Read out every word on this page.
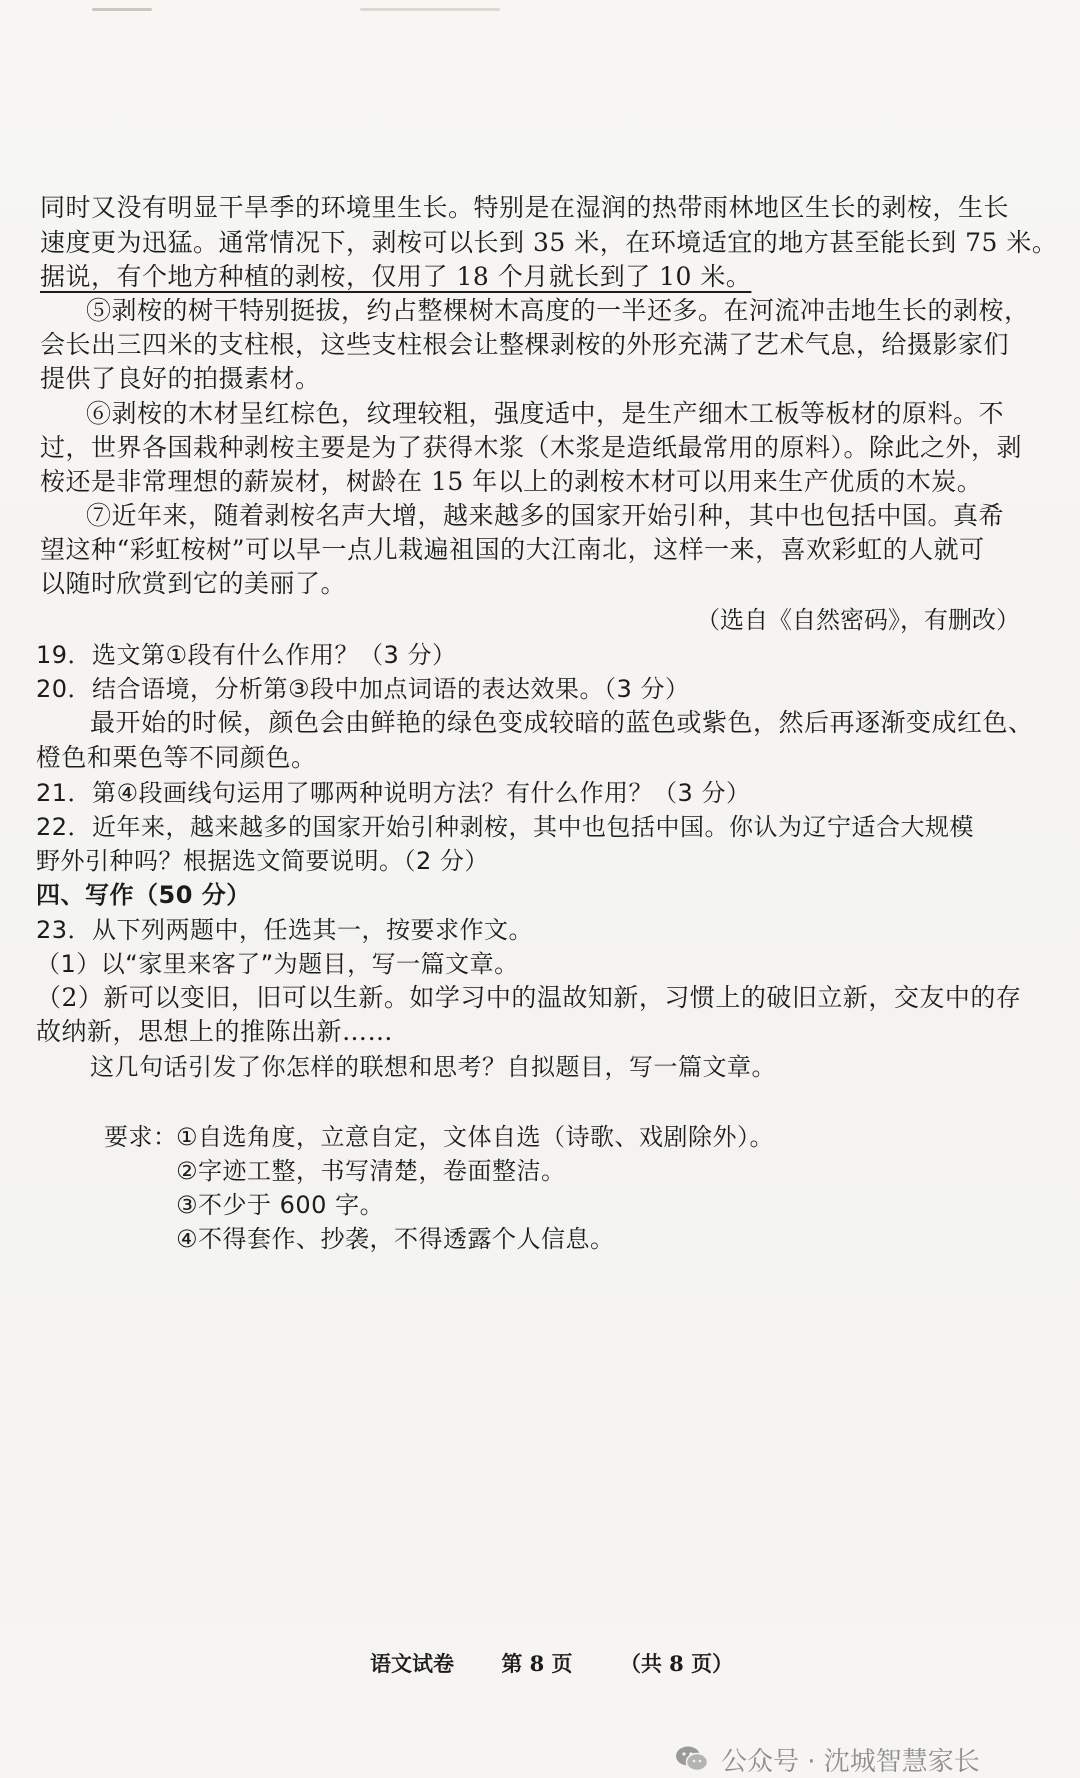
同时又没有明显干旱季的环境里生长。特别是在湿润的热带雨林地区生长的剥桉，生长
速度更为迅猛。通常情况下，剥桉可以长到 35 米，在环境适宜的地方甚至能长到 75 米。
据说，有个地方种植的剥桉，仅用了 18 个月就长到了 10 米。
⑤剥桉的树干特别挺拔，约占整棵树木高度的一半还多。在河流冲击地生长的剥桉，
会长出三四米的支柱根，这些支柱根会让整棵剥桉的外形充满了艺术气息，给摄影家们
提供了良好的拍摄素材。
⑥剥桉的木材呈红棕色，纹理较粗，强度适中，是生产细木工板等板材的原料。不
过，世界各国栽种剥桉主要是为了获得木浆（木浆是造纸最常用的原料）。除此之外，剥
桉还是非常理想的薪炭材，树龄在 15 年以上的剥桉木材可以用来生产优质的木炭。
⑦近年来，随着剥桉名声大增，越来越多的国家开始引种，其中也包括中国。真希
望这种“彩虹桉树”可以早一点儿栽遍祖国的大江南北，这样一来，喜欢彩虹的人就可
以随时欣赏到它的美丽了。
（选自《自然密码》，有删改）
19．选文第①段有什么作用？（3 分）
20．结合语境，分析第③段中加点词语的表达效果。（3 分）
最开始的时候，颜色会由鲜艳的绿色变成较暗的蓝色或紫色，然后再逐渐变成红色、
橙色和栗色等不同颜色。
21．第④段画线句运用了哪两种说明方法？有什么作用？（3 分）
22．近年来，越来越多的国家开始引种剥桉，其中也包括中国。你认为辽宁适合大规模
野外引种吗？根据选文简要说明。（2 分）
四、写作（50 分）
23．从下列两题中，任选其一，按要求作文。
（1）以“家里来客了”为题目，写一篇文章。
（2）新可以变旧，旧可以生新。如学习中的温故知新，习惯上的破旧立新，交友中的存
故纳新，思想上的推陈出新……
这几句话引发了你怎样的联想和思考？自拟题目，写一篇文章。
要求：
①自选角度，立意自定，文体自选（诗歌、戏剧除外）。
②字迹工整，书写清楚，卷面整洁。
③不少于 600 字。
④不得套作、抄袭，不得透露个人信息。
语文试卷 第 8 页 （共 8 页）
公众号 · 沈城智慧家长
